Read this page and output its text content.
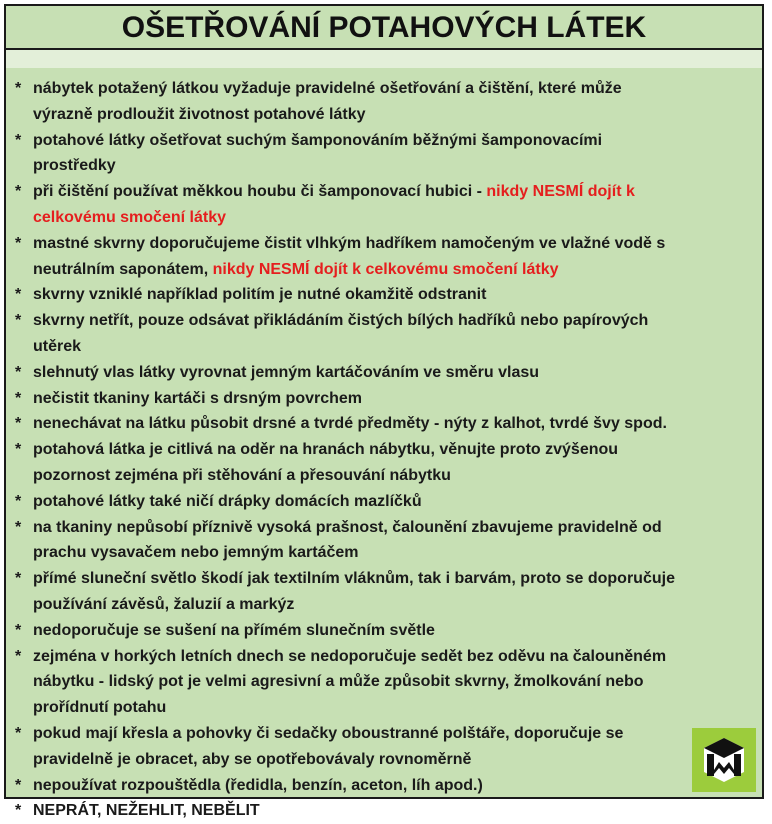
OŠETŘOVÁNÍ POTAHOVÝCH LÁTEK
* nábytek potažený látkou vyžaduje pravidelné ošetřování a čištění, které může výrazně prodloužit životnost potahové látky
* potahové látky ošetřovat suchým šamponováním běžnými šamponovacími prostředky
* při čištění používat měkkou houbu či šamponovací hubici - nikdy NESMÍ dojít k celkovému smočení látky
* mastné skvrny doporučujeme čistit vlhkým hadříkem namočeným ve vlažné vodě s neutrálním saponátem, nikdy NESMÍ dojít k celkovému smočení látky
* skvrny vzniklé například politím je nutné okamžitě odstranit
* skvrny netřít, pouze odsávat přikládáním čistých bílých hadříků nebo papírových utěrek
* slehnutý vlas látky vyrovnat jemným kartáčováním ve směru vlasu
* nečistit tkaniny kartáči s drsným povrchem
* nenechávat na látku působit drsné a tvrdé předměty - nýty z kalhot, tvrdé švy spod.
* potahová látka je citlivá na oděr na hranách nábytku, věnujte proto zvýšenou pozornost zejména při stěhování a přesouvání nábytku
* potahové látky také ničí drápky domácích mazlíčků
* na tkaniny nepůsobí příznivě vysoká prašnost, čalounění zbavujeme pravidelně od prachu vysavačem nebo jemným kartáčem
* přímé sluneční světlo škodí jak textilním vláknům, tak i barvám, proto se doporučuje používání závěsů, žaluzií a markýz
* nedoporučuje se sušení na přímém slunečním světle
* zejména v horkých letních dnech se nedoporučuje sedět bez oděvu na čalouněném nábytku - lidský pot je velmi agresivní a může způsobit skvrny, žmolkování nebo prořídnutí potahu
* pokud mají křesla a pohovky či sedačky oboustranné polštáře, doporučuje se pravidelně je obracet, aby se opotřebovávaly rovnoměrně
* nepoužívat rozpouštědla (ředidla, benzín, aceton, líh apod.)
* NEPRÁT, NEŽEHLIT, NEBĚLIT
